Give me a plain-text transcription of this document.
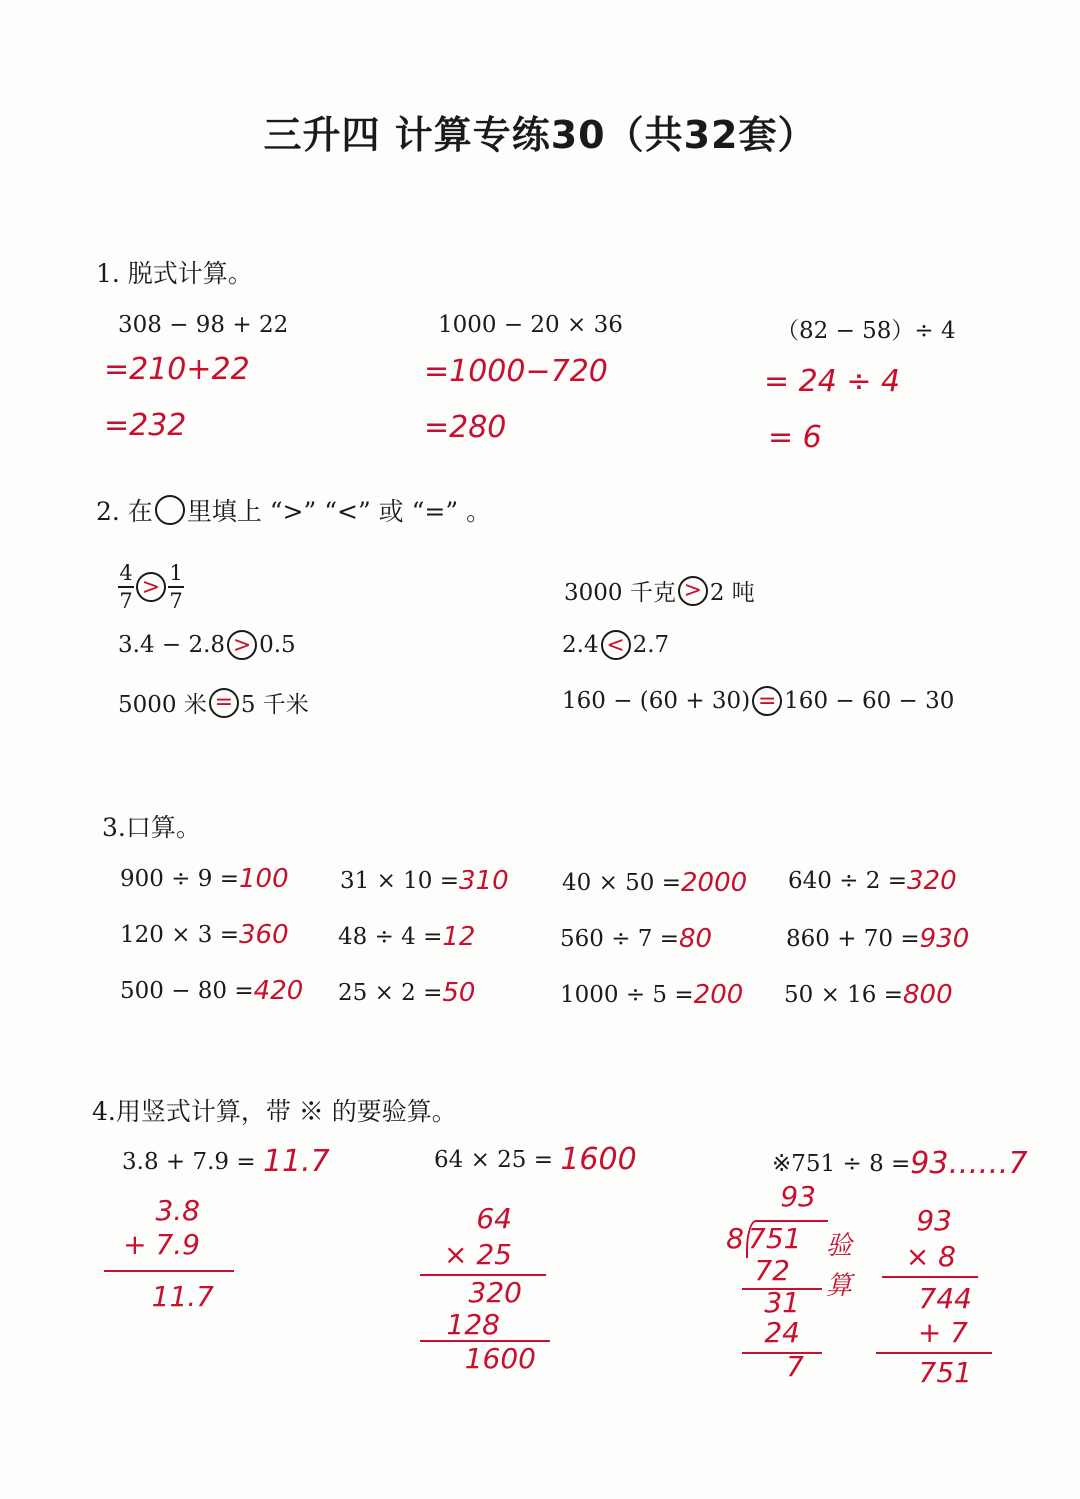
三升四 计算专练30（共32套）
1. 脱式计算。
308 − 98 + 22
=210+22
=232
1000 − 20 × 36
=1000−720
=280
（82 − 58）÷ 4
= 24 ÷ 4
= 6
2. 在
里填上 “>” “<” 或 “=” 。
$\frac{4}{7} > \frac{1}{7}$	3000 千克 > 2 吨
3.4 − 2.8 > 0.5	2.4 < 2.7
5000 米 = 5 千米	160 − (60 + 30) = 160 − 60 − 30
3.口算。
900 ÷ 9 = 100 31 × 10 = 310 40 × 50 = 2000 640 ÷ 2 = 320
120 × 3 = 360 48 ÷ 4 = 12	560 ÷ 7 = 80	860 + 70 = 930
500 − 80 = 420 25 × 2 = 50	1000 ÷ 5 = 200 50 × 16 = 800
4.用竖式计算，带 ※ 的要验算。
3.8 + 7.9 =
11.7
3.8
+ 7.9
11.7
64 × 25 =
1600
64
× 25
320
128
1600
※751 ÷ 8 = 93……7
93
8 751
72
31
24
7
验算
93
× 8
744
+ 7
751
